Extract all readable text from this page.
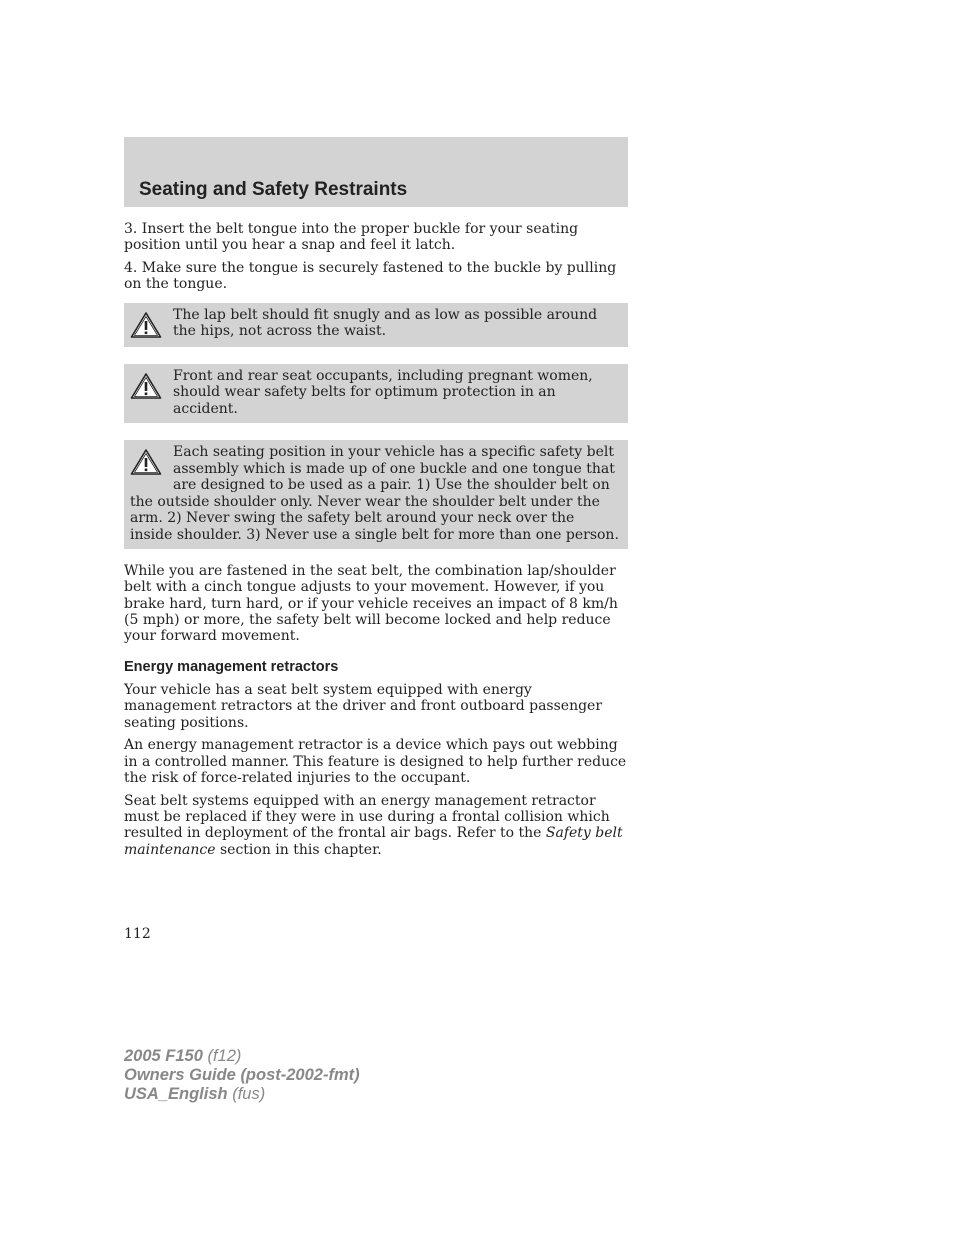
Seating and Safety Restraints

3. Insert the belt tongue into the proper buckle for your seating position until you hear a snap and feel it latch.

4. Make sure the tongue is securely fastened to the buckle by pulling on the tongue.

The lap belt should fit snugly and as low as possible around the hips, not across the waist.
Front and rear seat occupants, including pregnant women, should wear safety belts for optimum protection in an accident.
Each seating position in your vehicle has a specific safety belt assembly which is made up of one buckle and one tongue that are designed to be used as a pair. 1) Use the shoulder belt on the outside shoulder only. Never wear the shoulder belt under the arm. 2) Never swing the safety belt around your neck over the inside shoulder. 3) Never use a single belt for more than one person.

While you are fastened in the seat belt, the combination lap/shoulder belt with a cinch tongue adjusts to your movement. However, if you brake hard, turn hard, or if your vehicle receives an impact of 8 km/h (5 mph) or more, the safety belt will become locked and help reduce your forward movement.

Energy management retractors

Your vehicle has a seat belt system equipped with energy management retractors at the driver and front outboard passenger seating positions.

An energy management retractor is a device which pays out webbing in a controlled manner. This feature is designed to help further reduce the risk of force-related injuries to the occupant.

Seat belt systems equipped with an energy management retractor must be replaced if they were in use during a frontal collision which resulted in deployment of the frontal air bags. Refer to the Safety belt maintenance section in this chapter.

112
2005 F150 (f12)
Owners Guide (post-2002-fmt)
USA_English (fus)
